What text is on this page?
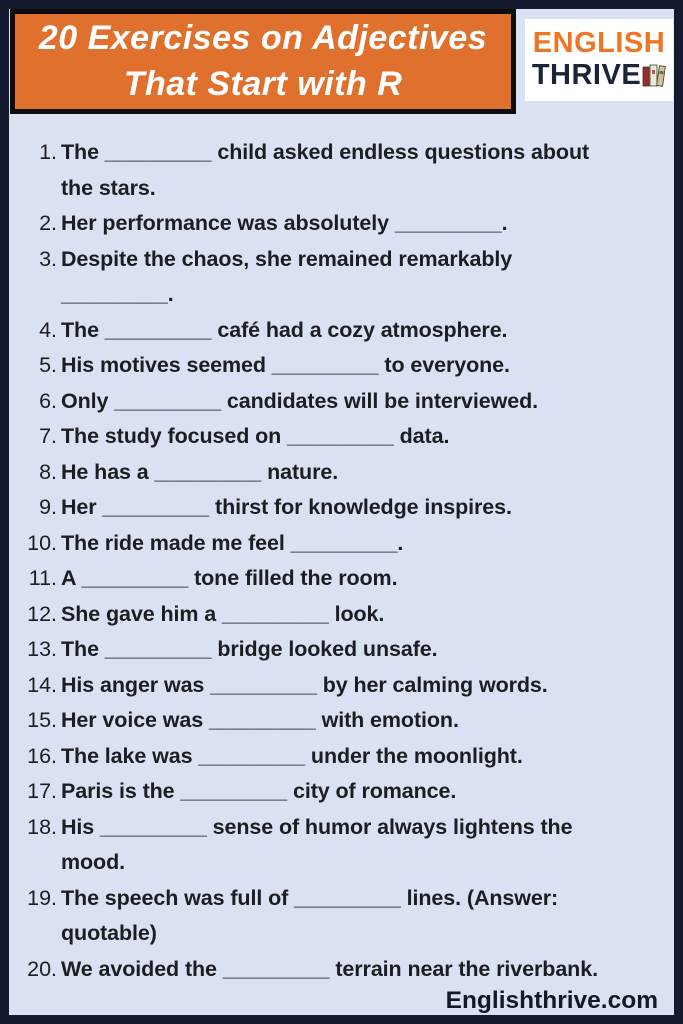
20 Exercises on Adjectives
That Start with R
ENGLISH
THRIVE
1. The _________ child asked endless questions about
the stars.
2. Her performance was absolutely _________.
3. Despite the chaos, she remained remarkably
_________.
4. The _________ café had a cozy atmosphere.
5. His motives seemed _________ to everyone.
6. Only _________ candidates will be interviewed.
7. The study focused on _________ data.
8. He has a _________ nature.
9. Her _________ thirst for knowledge inspires.
10. The ride made me feel _________.
11. A _________ tone filled the room.
12. She gave him a _________ look.
13. The _________ bridge looked unsafe.
14. His anger was _________ by her calming words.
15. Her voice was _________ with emotion.
16. The lake was _________ under the moonlight.
17. Paris is the _________ city of romance.
18. His _________ sense of humor always lightens the
mood.
19. The speech was full of _________ lines. (Answer:
quotable)
20. We avoided the _________ terrain near the riverbank.
Englishthrive.com
